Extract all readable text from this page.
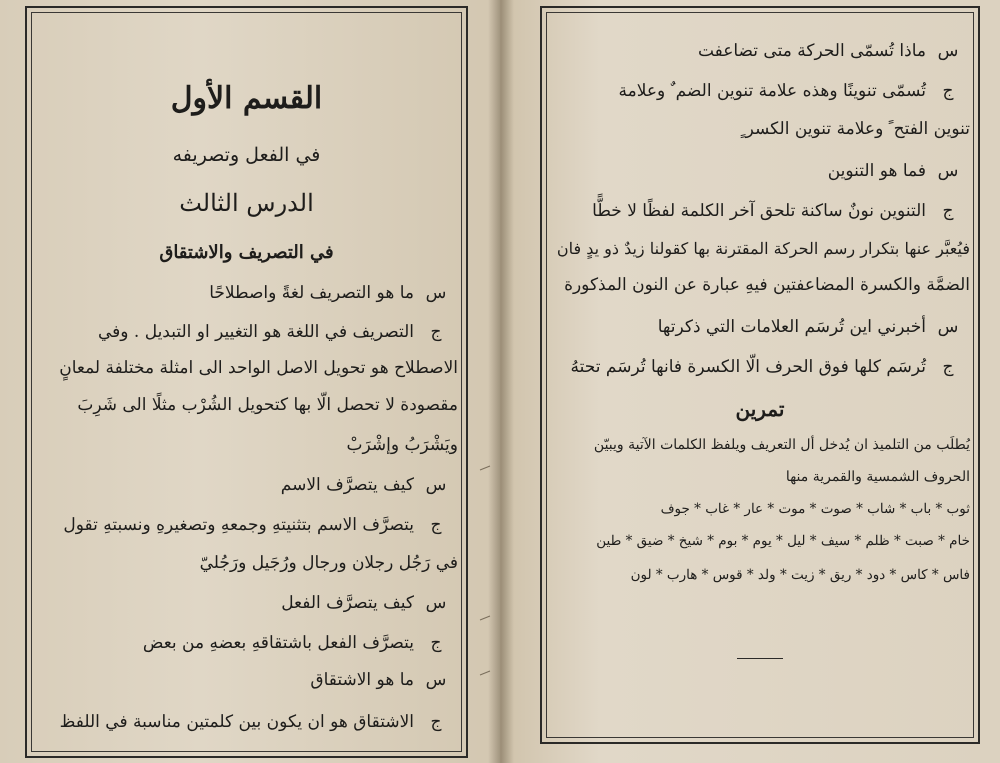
القسم الأول
في الفعل وتصريفه
الدرس الثالث
في التصريف والاشتقاق
سما هو التصريف لغةً واصطلاحًا
جالتصريف في اللغة هو التغيير او التبديل . وفي
الاصطلاح هو تحويل الاصل الواحد الى امثلة مختلفة لمعانٍ
مقصودة لا تحصل الّا بها كتحويل الشُرْب مثلًا الى شَرِبَ
ويَشْرَبُ وإشْرَبْ
سكيف يتصرَّف الاسم
جيتصرَّف الاسم بتثنيتهِ وجمعهِ وتصغيرهِ ونسبتهِ تقول
في رَجُل رجلان ورجال ورُجَيل ورَجُليّ
سكيف يتصرَّف الفعل
جيتصرَّف الفعل باشتقاقهِ بعضهِ من بعض
سما هو الاشتقاق
جالاشتقاق هو ان يكون بين كلمتين مناسبة في اللفظ
سماذا تُسمّى الحركة متى تضاعفت
جتُسمّى تنوينًا وهذه علامة تنوين الضم ٌ وعلامة
تنوين الفتح ً وعلامة تنوين الكسر ٍ
سفما هو التنوين
جالتنوين نونٌ ساكنة تلحق آخر الكلمة لفظًا لا خطًّا
فيُعبَّر عنها بتكرار رسم الحركة المقترنة بها كقولنا زيدٌ ذو يدٍ فان
الضمَّة والكسرة المضاعفتين فيهِ عبارة عن النون المذكورة
سأخبرني اين تُرسَم العلامات التي ذكرتها
جتُرسَم كلها فوق الحرف الّا الكسرة فانها تُرسَم تحتهُ
تمرين
يُطلَب من التلميذ ان يُدخل أل التعريف ويلفظ الكلمات الآتية ويبيّن
الحروف الشمسية والقمرية منها
ثوب * باب * شاب * صوت * موت * عار * غاب * جوف
خام * صبت * ظلم * سيف * ليل * يوم * بوم * شيخ * ضيق * طين
فاس * كاس * دود * ريق * زيت * ولد * قوس * هارب * لون
